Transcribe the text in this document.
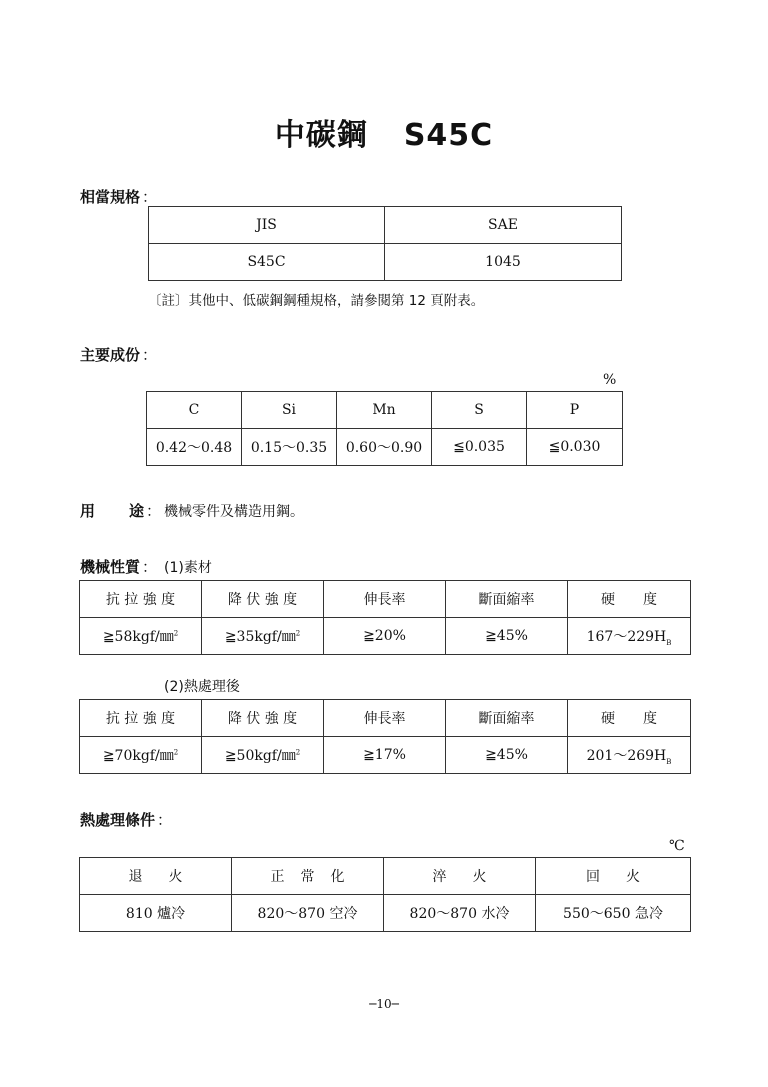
中碳鋼 S45C
相當規格 ：
JIS	SAE
S45C	1045
〔註〕其他中、低碳鋼鋼種規格，請參閱第 12 頁附表。
主要成份 ：
%
C	Si	Mn	S	P
0.42～0.48	0.15～0.35	0.60～0.90	≦0.035	≦0.030
用 途 ： 機械零件及構造用鋼。
機械性質 ： (1)素材
抗 拉 強 度	降 伏 強 度	伸長率	斷面縮率	硬　　度
≧58kgf/㎜$^2$	≧35kgf/㎜$^2$	≧20%	≧45%	$167\sim 229H_B$
(2)熱處理後
抗 拉 強 度	降 伏 強 度	伸長率	斷面縮率	硬　　度
≧70kgf/㎜$^2$	≧50kgf/㎜$^2$	≧17%	≧45%	$201\sim 269H_B$
熱處理條件 ：
℃
退火	正常化	淬火	回火
810 爐冷	820～870 空冷	820～870 水冷	550～650 急冷
─10─
